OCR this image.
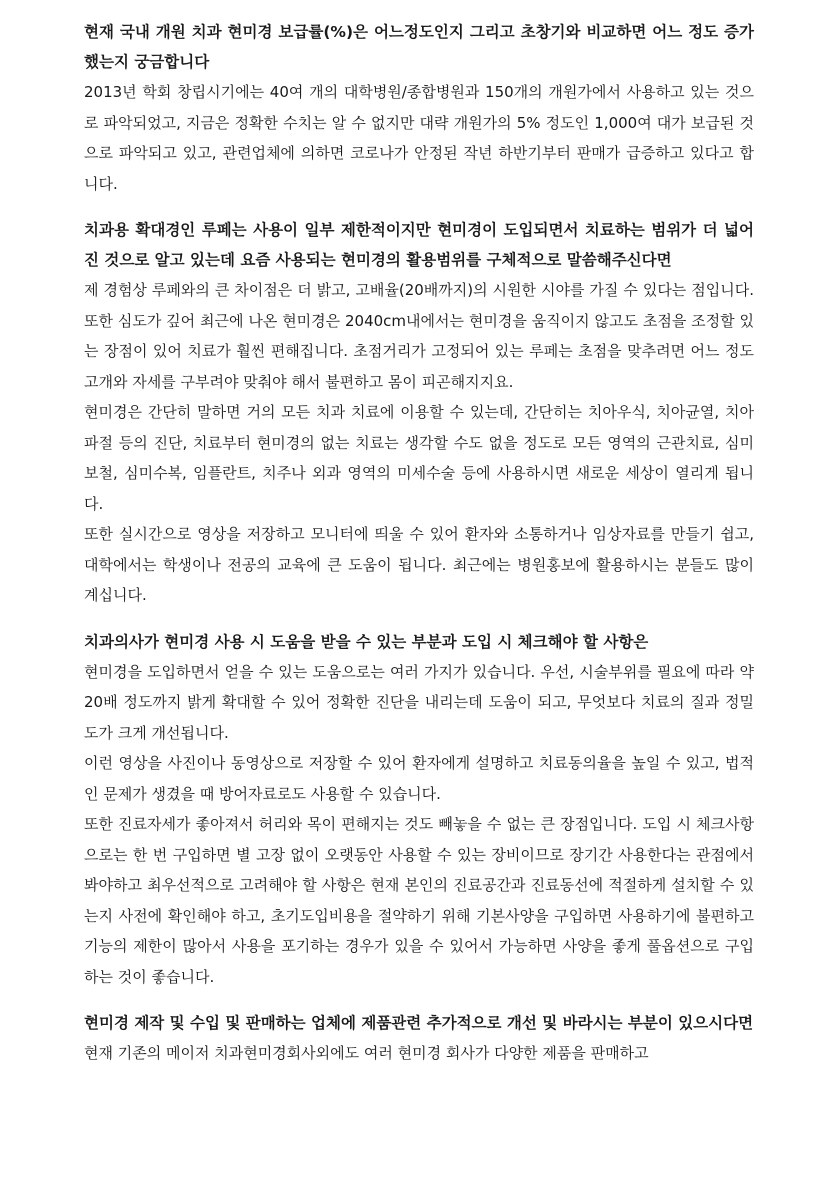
현재 국내 개원 치과 현미경 보급률(%)은 어느정도인지 그리고 초창기와 비교하면 어느 정도 증가했는지 궁금합니다

2013년 학회 창립시기에는 40여 개의 대학병원/종합병원과 150개의 개원가에서 사용하고 있는 것으로 파악되었고, 지금은 정확한 수치는 알 수 없지만 대략 개원가의 5% 정도인 1,000여 대가 보급된 것으로 파악되고 있고, 관련업체에 의하면 코로나가 안정된 작년 하반기부터 판매가 급증하고 있다고 합니다.

치과용 확대경인 루페는 사용이 일부 제한적이지만 현미경이 도입되면서 치료하는 범위가 더 넓어진 것으로 알고 있는데 요즘 사용되는 현미경의 활용범위를 구체적으로 말씀해주신다면

제 경험상 루페와의 큰 차이점은 더 밝고, 고배율(20배까지)의 시원한 시야를 가질 수 있다는 점입니다. 또한 심도가 깊어 최근에 나온 현미경은 2040cm내에서는 현미경을 움직이지 않고도 초점을 조정할 있는 장점이 있어 치료가 훨씬 편해집니다. 초점거리가 고정되어 있는 루페는 초점을 맞추려면 어느 정도 고개와 자세를 구부려야 맞춰야 해서 불편하고 몸이 피곤해지지요.

현미경은 간단히 말하면 거의 모든 치과 치료에 이용할 수 있는데, 간단히는 치아우식, 치아균열, 치아파절 등의 진단, 치료부터 현미경의 없는 치료는 생각할 수도 없을 정도로 모든 영역의 근관치료, 심미보철, 심미수복, 임플란트, 치주나 외과 영역의 미세수술 등에 사용하시면 새로운 세상이 열리게 됩니다.

또한 실시간으로 영상을 저장하고 모니터에 띄울 수 있어 환자와 소통하거나 임상자료를 만들기 쉽고, 대학에서는 학생이나 전공의 교육에 큰 도움이 됩니다. 최근에는 병원홍보에 활용하시는 분들도 많이 계십니다.

치과의사가 현미경 사용 시 도움을 받을 수 있는 부분과 도입 시 체크해야 할 사항은

현미경을 도입하면서 얻을 수 있는 도움으로는 여러 가지가 있습니다. 우선, 시술부위를 필요에 따라 약 20배 정도까지 밝게 확대할 수 있어 정확한 진단을 내리는데 도움이 되고, 무엇보다 치료의 질과 정밀도가 크게 개선됩니다.

이런 영상을 사진이나 동영상으로 저장할 수 있어 환자에게 설명하고 치료동의율을 높일 수 있고, 법적인 문제가 생겼을 때 방어자료로도 사용할 수 있습니다.

또한 진료자세가 좋아져서 허리와 목이 편해지는 것도 빼놓을 수 없는 큰 장점입니다. 도입 시 체크사항으로는 한 번 구입하면 별 고장 없이 오랫동안 사용할 수 있는 장비이므로 장기간 사용한다는 관점에서 봐야하고 최우선적으로 고려해야 할 사항은 현재 본인의 진료공간과 진료동선에 적절하게 설치할 수 있는지 사전에 확인해야 하고, 초기도입비용을 절약하기 위해 기본사양을 구입하면 사용하기에 불편하고 기능의 제한이 많아서 사용을 포기하는 경우가 있을 수 있어서 가능하면 사양을 좋게 풀옵션으로 구입하는 것이 좋습니다.

현미경 제작 및 수입 및 판매하는 업체에 제품관련 추가적으로 개선 및 바라시는 부분이 있으시다면

현재 기존의 메이저 치과현미경회사외에도 여러 현미경 회사가 다양한 제품을 판매하고
